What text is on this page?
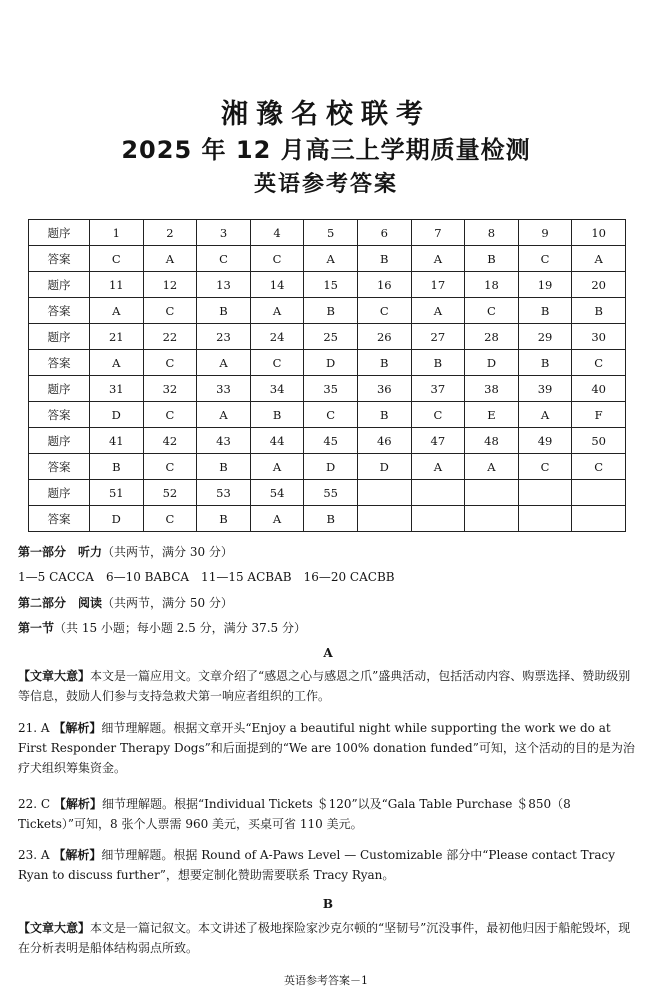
湘豫名校联考
2025 年 12 月高三上学期质量检测
英语参考答案
题序	1	2	3	4	5	6	7	8	9	10
答案	C	A	C	C	A	B	A	B	C	A
题序	11	12	13	14	15	16	17	18	19	20
答案	A	C	B	A	B	C	A	C	B	B
题序	21	22	23	24	25	26	27	28	29	30
答案	A	C	A	C	D	B	B	D	B	C
题序	31	32	33	34	35	36	37	38	39	40
答案	D	C	A	B	C	B	C	E	A	F
题序	41	42	43	44	45	46	47	48	49	50
答案	B	C	B	A	D	D	A	A	C	C
题序	51	52	53	54	55					
答案	D	C	B	A	B					
第一部分　听力（共两节，满分 30 分）
1—5 CACCA　6—10 BABCA　11—15 ACBAB　16—20 CACBB
第二部分　阅读（共两节，满分 50 分）
第一节（共 15 小题；每小题 2.5 分，满分 37.5 分）
A
【文章大意】本文是一篇应用文。文章介绍了“感恩之心与感恩之爪”盛典活动，包括活动内容、购票选择、赞助级别等信息，鼓励人们参与支持急救犬第一响应者组织的工作。
21. A 【解析】细节理解题。根据文章开头“Enjoy a beautiful night while supporting the work we do at First Responder Therapy Dogs”和后面提到的“We are 100% donation funded”可知，这个活动的目的是为治疗犬组织筹集资金。
22. C 【解析】细节理解题。根据“Individual Tickets ＄120”以及“Gala Table Purchase ＄850（8 Tickets）”可知，8 张个人票需 960 美元，买桌可省 110 美元。
23. A 【解析】细节理解题。根据 Round of A-Paws Level — Customizable 部分中“Please contact Tracy Ryan to discuss further”，想要定制化赞助需要联系 Tracy Ryan。
B
【文章大意】本文是一篇记叙文。本文讲述了极地探险家沙克尔顿的“坚韧号”沉没事件，最初他归因于船舵毁坏，现在分析表明是船体结构弱点所致。
英语参考答案－1
